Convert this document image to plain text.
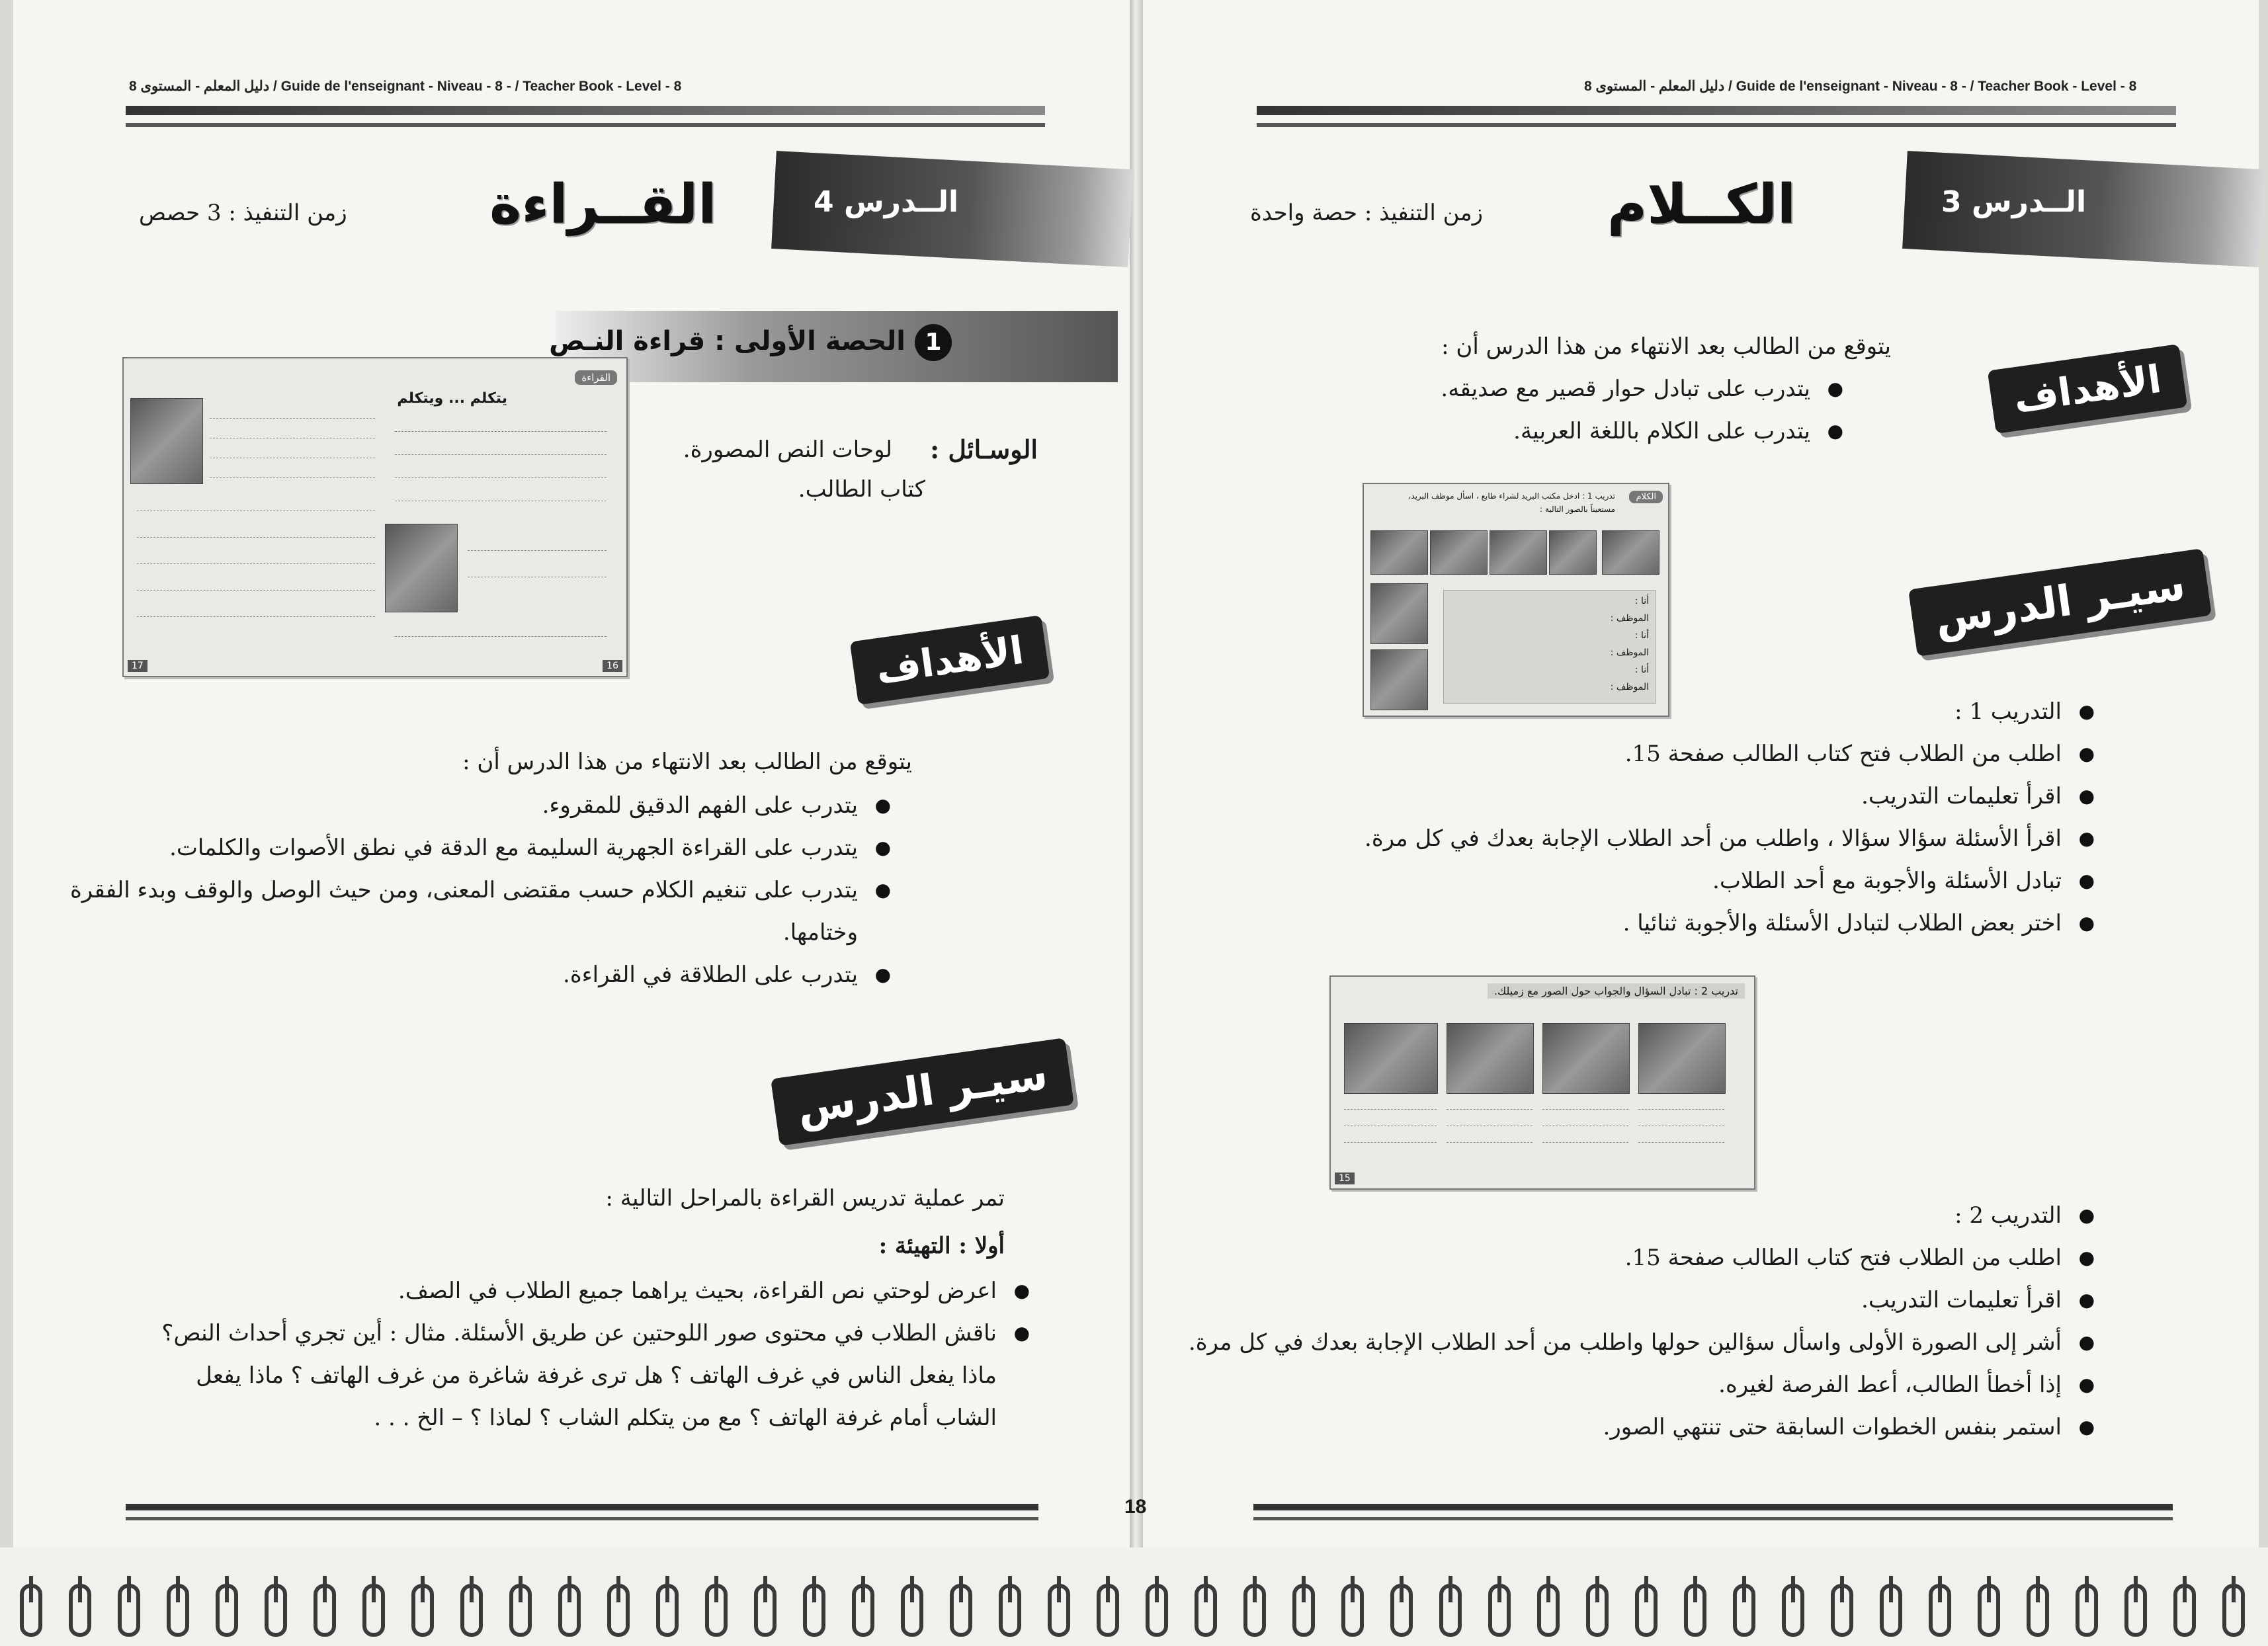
دليل المعلم - المستوى 8 / Guide de l'enseignant - Niveau - 8 - / Teacher Book - Level - 8	دليل المعلم - المستوى 8 / Guide de l'enseignant - Niveau - 8 - / Teacher Book - Level - 8
الــدرس 4
القــراءة
زمن التنفيذ : 3 حصص
1الحصة الأولى : قراءة النـص
الوسـائل :
لوحات النص المصورة.
كتاب الطالب.
القراءة
يتكلم ... ويتكلم
17	16	الأهداف
يتوقع من الطالب بعد الانتهاء من هذا الدرس أن :
● يتدرب على الفهم الدقيق للمقروء.
● يتدرب على القراءة الجهرية السليمة مع الدقة في نطق الأصوات والكلمات.
● يتدرب على تنغيم الكلام حسب مقتضى المعنى، ومن حيث الوصل والوقف وبدء الفقرة وختامها.
● يتدرب على الطلاقة في القراءة.
سيـر الدرس
تمر عملية تدريس القراءة بالمراحل التالية :
أولا : التهيئة :
● اعرض لوحتي نص القراءة، بحيث يراهما جميع الطلاب في الصف.
● ناقش الطلاب في محتوى صور اللوحتين عن طريق الأسئلة. مثال : أين تجري أحداث النص؟ ماذا يفعل الناس في غرف الهاتف ؟ هل ترى غرفة شاغرة من غرف الهاتف ؟ ماذا يفعل الشاب أمام غرفة الهاتف ؟ مع من يتكلم الشاب ؟ لماذا ؟ – الخ . . .
18
الــدرس 3
الكــلام
زمن التنفيذ : حصة واحدة
يتوقع من الطالب بعد الانتهاء من هذا الدرس أن :
● يتدرب على تبادل حوار قصير مع صديقه.
● يتدرب على الكلام باللغة العربية.
الأهداف
الكلام
تدريب 1 : ادخل مكتب البريد لشراء طابع ، اسأل موظف البريد، مستعيناً بالصور التالية :
أنا :
الموظف :
أنا :
الموظف :
أنا :
الموظف :
سيـر الدرس
● التدريب 1 :
● اطلب من الطلاب فتح كتاب الطالب صفحة 15.
● اقرأ تعليمات التدريب.
● اقرأ الأسئلة سؤالا سؤالا ، واطلب من أحد الطلاب الإجابة بعدك في كل مرة.
● تبادل الأسئلة والأجوبة مع أحد الطلاب.
● اختر بعض الطلاب لتبادل الأسئلة والأجوبة ثنائيا .
تدريب 2 : تبادل السؤال والجواب حول الصور مع زميلك.
15
● التدريب 2 :
● اطلب من الطلاب فتح كتاب الطالب صفحة 15.
● اقرأ تعليمات التدريب.
● أشر إلى الصورة الأولى واسأل سؤالين حولها واطلب من أحد الطلاب الإجابة بعدك في كل مرة.
● إذا أخطأ الطالب، أعط الفرصة لغيره.
● استمر بنفس الخطوات السابقة حتى تنتهي الصور.
